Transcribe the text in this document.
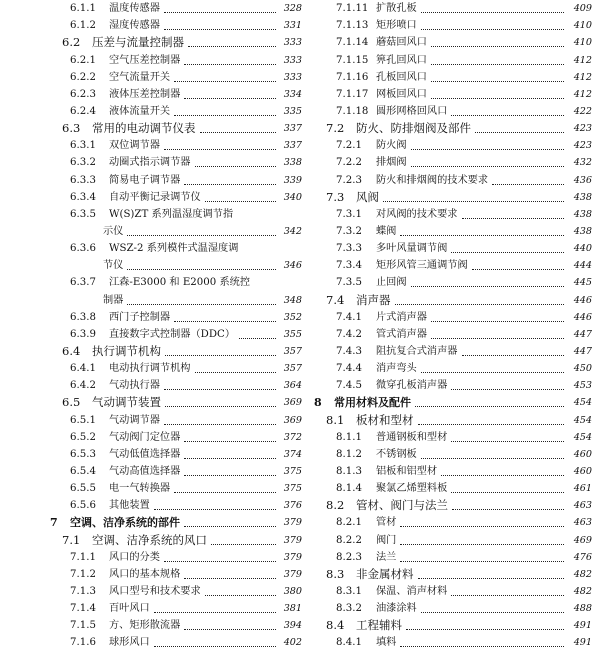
6.1.1	温度传感器	328
6.1.2	湿度传感器	331
6.2	压差与流量控制器	333
6.2.1	空气压差控制器	333
6.2.2	空气流量开关	333
6.2.3	液体压差控制器	334
6.2.4	液体流量开关	335
6.3	常用的电动调节仪表	337
6.3.1	双位调节器	337
6.3.2	动圈式指示调节器	338
6.3.3	简易电子调节器	339
6.3.4	自动平衡记录调节仪	340
6.3.5	W(S)ZT 系列温湿度调节指
示仪	342
6.3.6	WSZ-2 系列模件式温湿度调
节仪	346
6.3.7	江森-E3000 和 E2000 系统控
制器	348
6.3.8	西门子控制器	352
6.3.9	直接数字式控制器（DDC）	355
6.4	执行调节机构	357
6.4.1	电动执行调节机构	357
6.4.2	气动执行器	364
6.5	气动调节装置	369
6.5.1	气动调节器	369
6.5.2	气动阀门定位器	372
6.5.3	气动低值选择器	374
6.5.4	气动高值选择器	375
6.5.5	电一气转换器	375
6.5.6	其他装置	376
7	空调、洁净系统的部件	379
7.1	空调、洁净系统的风口	379
7.1.1	风口的分类	379
7.1.2	风口的基本规格	379
7.1.3	风口型号和技术要求	380
7.1.4	百叶风口	381
7.1.5	方、矩形散流器	394
7.1.6	球形风口	402
7.1.11 扩散孔板	409
7.1.13 矩形喷口	410
7.1.14 蘑菇回风口	410
7.1.15 箅孔回风口	412
7.1.16 孔板回风口	412
7.1.17 网板回风口	412
7.1.18 圆形网格回风口	422
7.2	防火、防排烟阀及部件	423
7.2.1	防火阀	423
7.2.2	排烟阀	432
7.2.3	防火和排烟阀的技术要求	436
7.3	风阀	438
7.3.1	对风阀的技术要求	438
7.3.2	蝶阀	438
7.3.3	多叶风量调节阀	440
7.3.4	矩形风管三通调节阀	444
7.3.5	止回阀	445
7.4	消声器	446
7.4.1	片式消声器	446
7.4.2	管式消声器	447
7.4.3	阻抗复合式消声器	447
7.4.4	消声弯头	450
7.4.5	微穿孔板消声器	453
8	常用材料及配件	454
8.1	板材和型材	454
8.1.1	普通钢板和型材	454
8.1.2	不锈钢板	460
8.1.3	铝板和铝型材	460
8.1.4	聚氯乙烯塑料板	461
8.2	管材、阀门与法兰	463
8.2.1	管材	463
8.2.2	阀门	469
8.2.3	法兰	476
8.3	非金属材料	482
8.3.1	保温、消声材料	482
8.3.2	油漆涂料	488
8.4	工程辅料	491
8.4.1	填料	491
